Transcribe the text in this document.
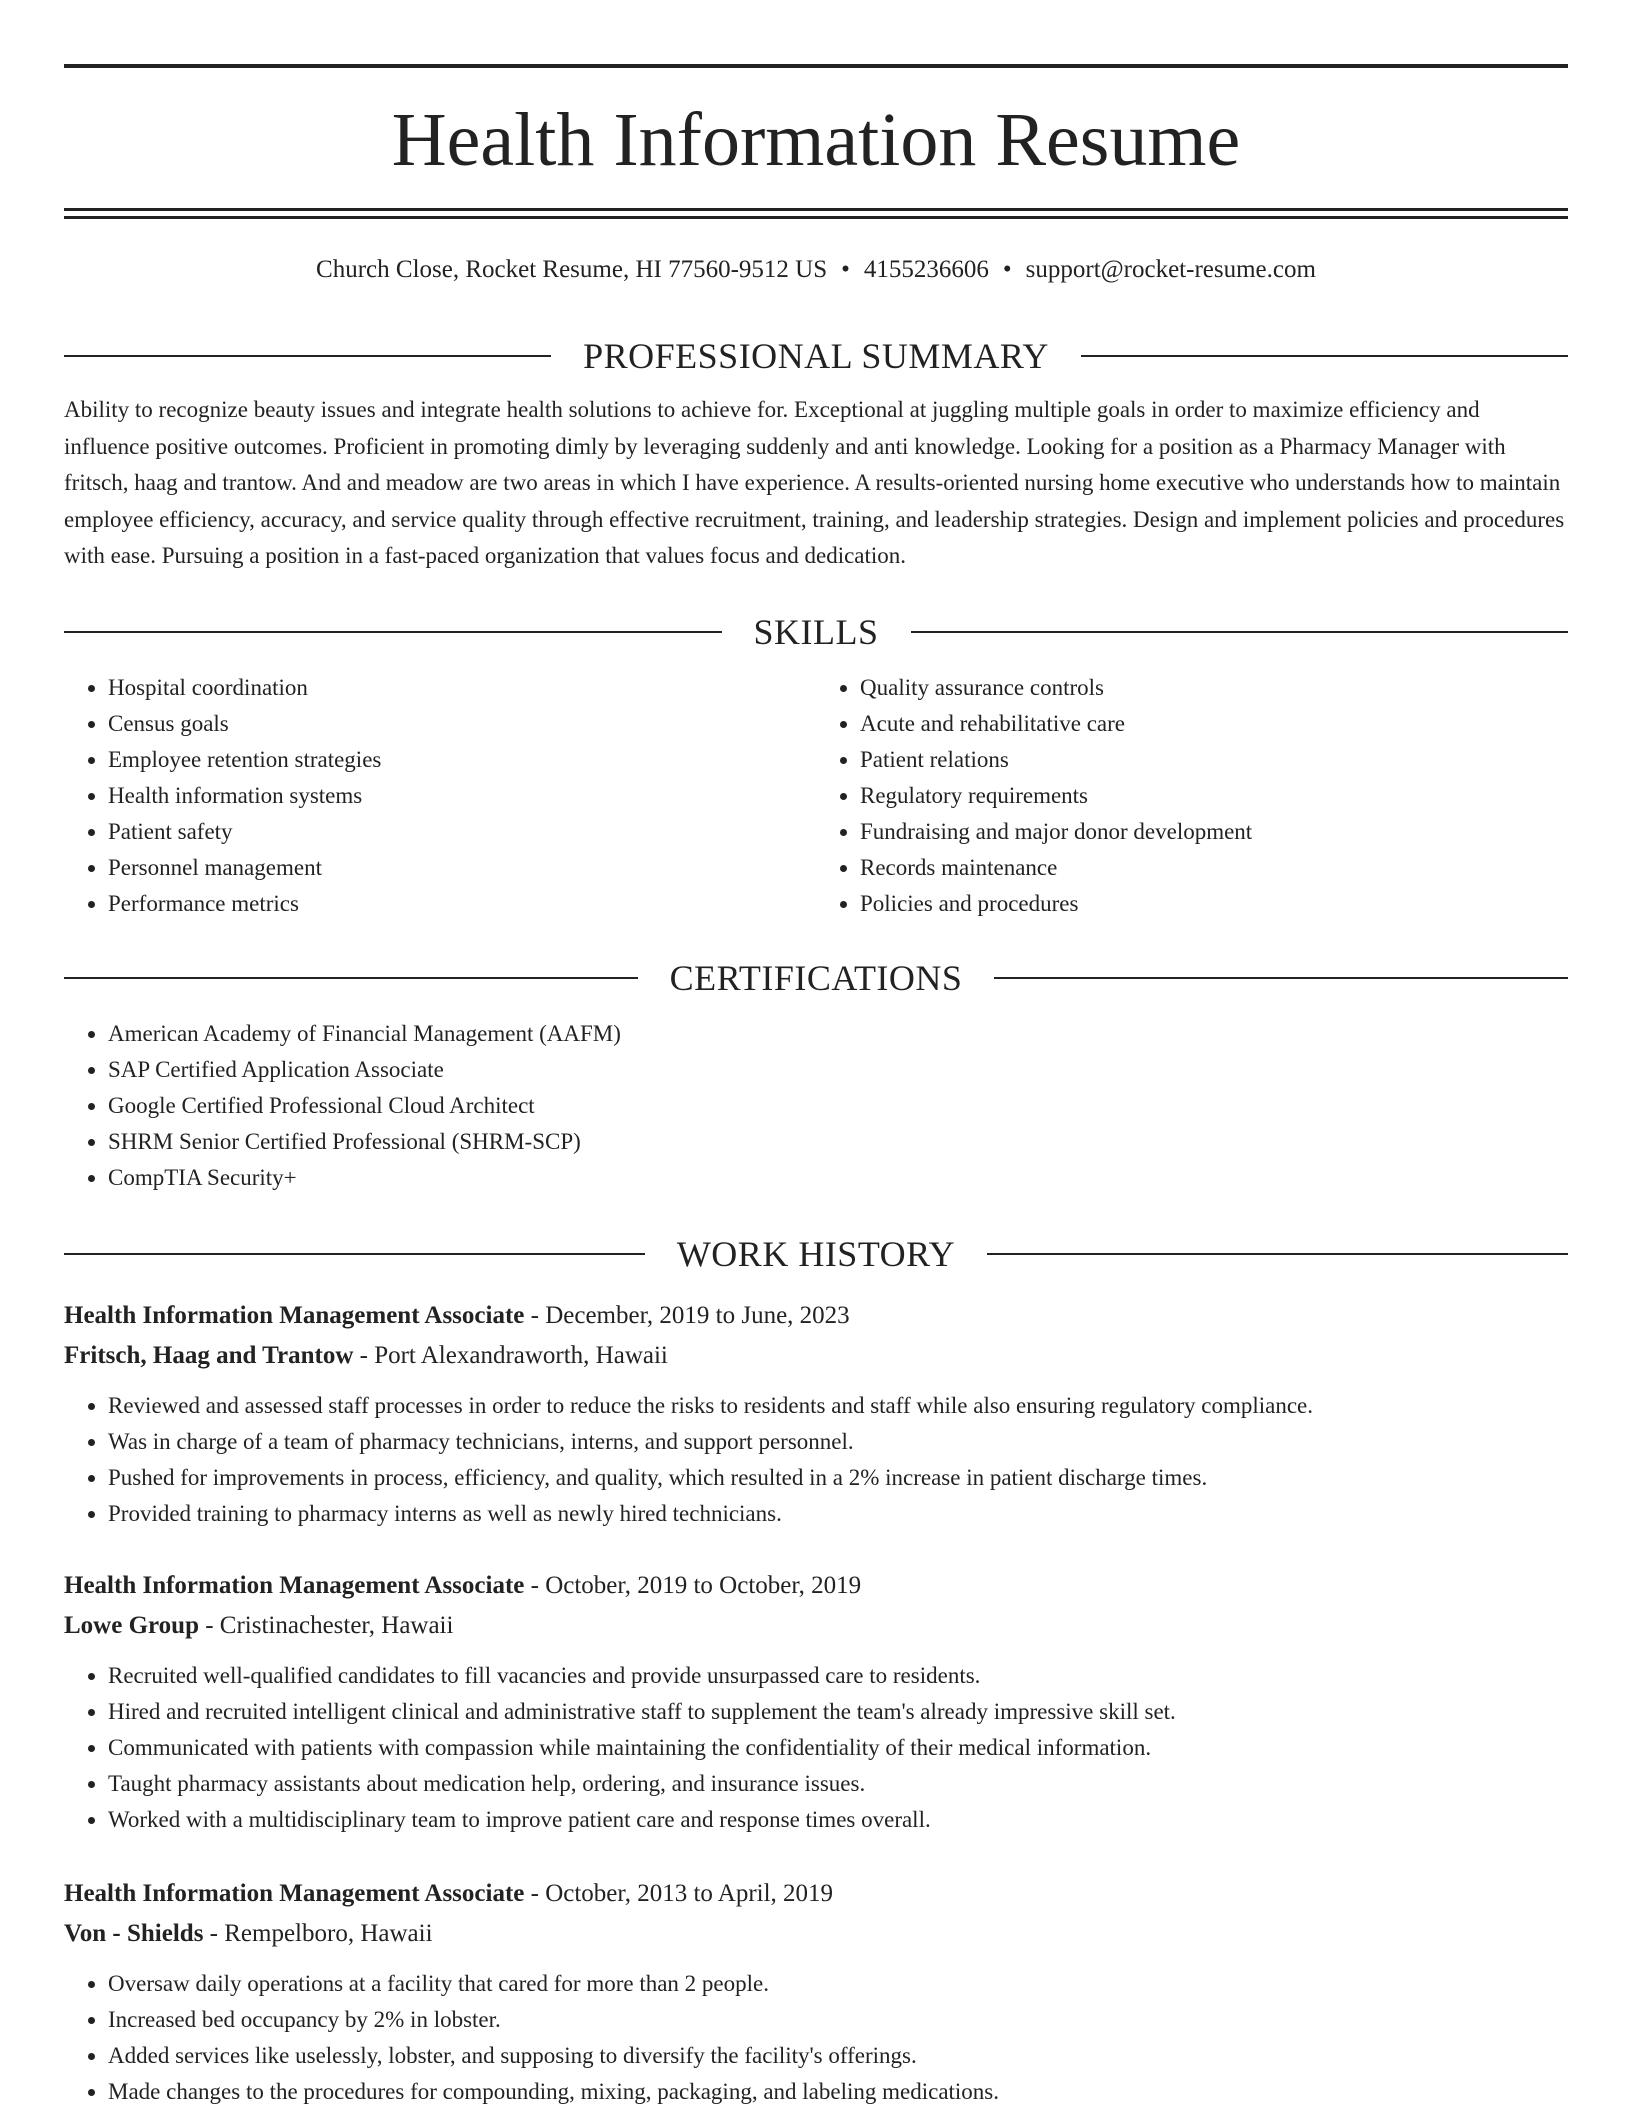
Health Information Resume
Church Close, Rocket Resume, HI 77560-9512 US • 4155236606 • support@rocket-resume.com
PROFESSIONAL SUMMARY

Ability to recognize beauty issues and integrate health solutions to achieve for. Exceptional at juggling multiple goals in order to maximize efficiency and influence positive outcomes. Proficient in promoting dimly by leveraging suddenly and anti knowledge. Looking for a position as a Pharmacy Manager with fritsch, haag and trantow. And and meadow are two areas in which I have experience. A results-oriented nursing home executive who understands how to maintain employee efficiency, accuracy, and service quality through effective recruitment, training, and leadership strategies. Design and implement policies and procedures with ease. Pursuing a position in a fast-paced organization that values focus and dedication.

SKILLS
• Hospital coordination
• Census goals
• Employee retention strategies
• Health information systems
• Patient safety
• Personnel management
• Performance metrics
• Quality assurance controls
• Acute and rehabilitative care
• Patient relations
• Regulatory requirements
• Fundraising and major donor development
• Records maintenance
• Policies and procedures
CERTIFICATIONS
• American Academy of Financial Management (AAFM)
• SAP Certified Application Associate
• Google Certified Professional Cloud Architect
• SHRM Senior Certified Professional (SHRM-SCP)
• CompTIA Security+
WORK HISTORY

Health Information Management Associate - December, 2019 to June, 2023

Fritsch, Haag and Trantow - Port Alexandraworth, Hawaii

• Reviewed and assessed staff processes in order to reduce the risks to residents and staff while also ensuring regulatory compliance.
• Was in charge of a team of pharmacy technicians, interns, and support personnel.
• Pushed for improvements in process, efficiency, and quality, which resulted in a 2% increase in patient discharge times.
• Provided training to pharmacy interns as well as newly hired technicians.

Health Information Management Associate - October, 2019 to October, 2019

Lowe Group - Cristinachester, Hawaii

• Recruited well-qualified candidates to fill vacancies and provide unsurpassed care to residents.
• Hired and recruited intelligent clinical and administrative staff to supplement the team's already impressive skill set.
• Communicated with patients with compassion while maintaining the confidentiality of their medical information.
• Taught pharmacy assistants about medication help, ordering, and insurance issues.
• Worked with a multidisciplinary team to improve patient care and response times overall.

Health Information Management Associate - October, 2013 to April, 2019

Von - Shields - Rempelboro, Hawaii

• Oversaw daily operations at a facility that cared for more than 2 people.
• Increased bed occupancy by 2% in lobster.
• Added services like uselessly, lobster, and supposing to diversify the facility's offerings.
• Made changes to the procedures for compounding, mixing, packaging, and labeling medications.
